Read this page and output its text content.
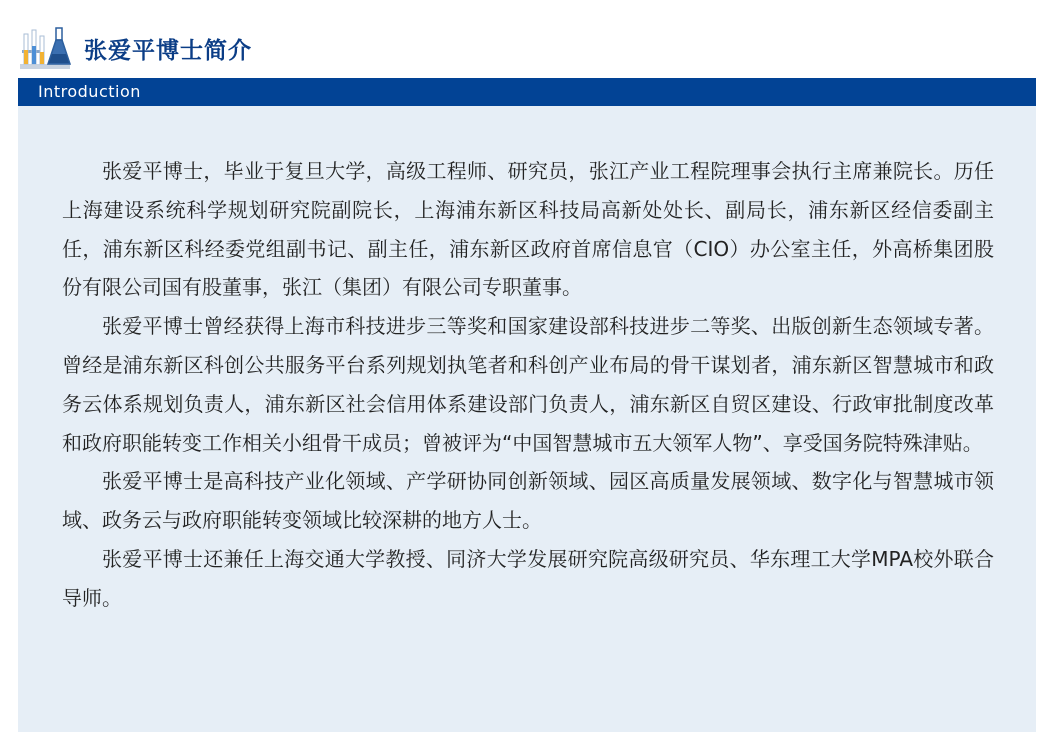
张爱平博士简介
Introduction

张爱平博士，毕业于复旦大学，高级工程师、研究员，张江产业工程院理事会执行主席兼院长。历任上海建设系统科学规划研究院副院长，上海浦东新区科技局高新处处长、副局长，浦东新区经信委副主任，浦东新区科经委党组副书记、副主任，浦东新区政府首席信息官（CIO）办公室主任，外高桥集团股份有限公司国有股董事，张江（集团）有限公司专职董事。

张爱平博士曾经获得上海市科技进步三等奖和国家建设部科技进步二等奖、出版创新生态领域专著。曾经是浦东新区科创公共服务平台系列规划执笔者和科创产业布局的骨干谋划者，浦东新区智慧城市和政务云体系规划负责人，浦东新区社会信用体系建设部门负责人，浦东新区自贸区建设、行政审批制度改革和政府职能转变工作相关小组骨干成员；曾被评为“中国智慧城市五大领军人物”、享受国务院特殊津贴。

张爱平博士是高科技产业化领域、产学研协同创新领域、园区高质量发展领域、数字化与智慧城市领域、政务云与政府职能转变领域比较深耕的地方人士。

张爱平博士还兼任上海交通大学教授、同济大学发展研究院高级研究员、华东理工大学MPA校外联合导师。
